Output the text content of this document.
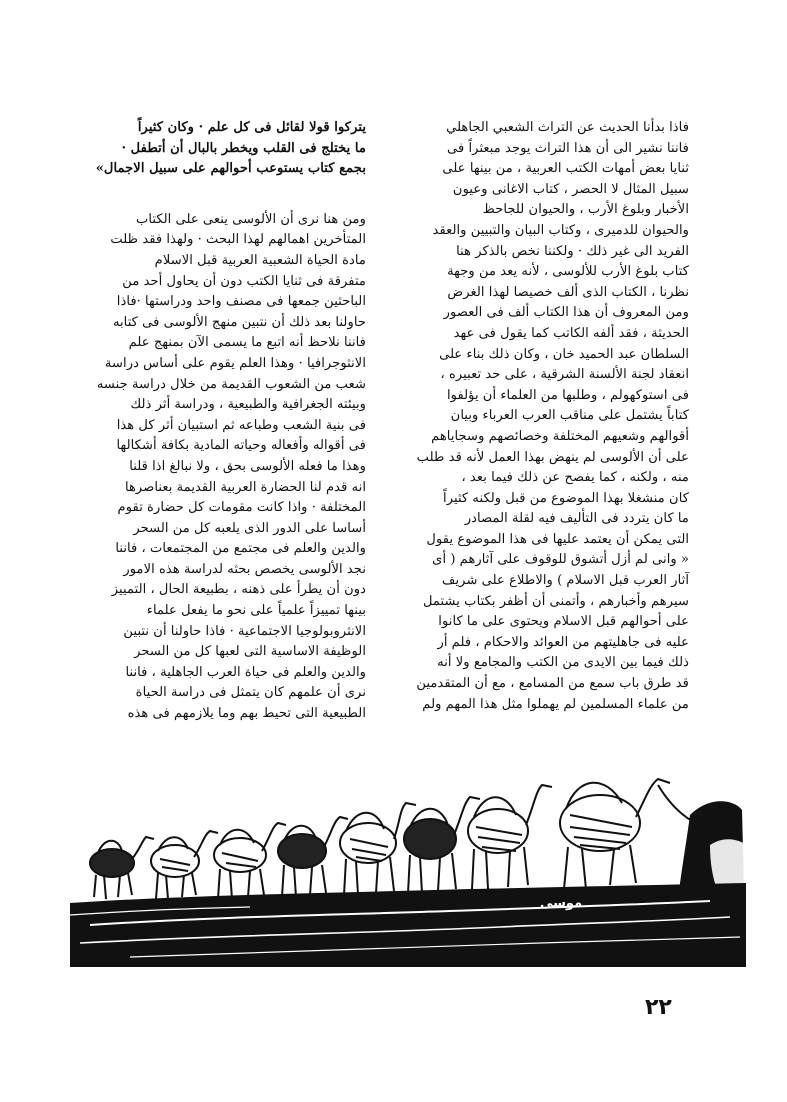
فاذا بدأنا الحديث عن التراث الشعبي الجاهلي

فاننا نشير الى أن هذا التراث يوجد مبعثراً فى

ثنايا بعض أمهات الكتب العربية ، من بينها على

سبيل المثال لا الحصر ، كتاب الاغانى وعيون

الأخبار وبلوغ الأرب ، والحيوان للجاحظ

والحيوان للدميرى ، وكتاب البيان والتبيين والعقد

الفريد الى غير ذلك · ولكننا نخص بالذكر هنا

كتاب بلوغ الأرب للألوسى ، لأنه يعد من وجهة

نظرنا ، الكتاب الذى ألف خصيصا لهذا الغرض

ومن المعروف أن هذا الكتاب ألف فى العصور

الحديثة ، فقد ألفه الكاتب كما يقول فى عهد

السلطان عبد الحميد خان ، وكان ذلك بناء على

انعقاد لجنة الألسنة الشرقية ، على حد تعبيره ،

فى استوكهولم ، وطلبها من العلماء أن يؤلفوا

كتاباً يشتمل على مناقب العرب العرباء وبيان

أقوالهم وشعيهم المختلفة وخصائصهم وسجاياهم

على أن الألوسى لم ينهض بهذا العمل لأنه قد طلب

منه ، ولكنه ، كما يفصح عن ذلك فيما بعد ،

كان منشغلا بهذا الموضوع من قبل ولكنه كثيراً

ما كان يتردد فى التأليف فيه لقلة المصادر

التى يمكن أن يعتمد عليها فى هذا الموضوع يقول

« وانى لم أزل أتشوق للوقوف على آثارهم ( أى

آثار العرب قبل الاسلام ) والاطلاع على شريف

سيرهم وأخبارهم ، وأتمنى أن أظفر بكتاب يشتمل

على أحوالهم قبل الاسلام ويحتوى على ما كانوا

عليه فى جاهليتهم من العوائد والاحكام ، فلم أر

ذلك فيما بين الايدى من الكتب والمجامع ولا أنه

قد طرق باب سمع من المسامع ، مع أن المتقدمين

من علماء المسلمين لم يهملوا مثل هذا المهم ولم

يتركوا قولا لقائل فى كل علم · وكان كثيراً

ما يختلج فى القلب ويخطر بالبال أن أتطفل ·

بجمع كتاب يستوعب أحوالهم على سبيل الاجمال»

ومن هنا نرى أن الألوسى ينعى على الكتاب

المتأخرين اهمالهم لهذا البحث · ولهذا فقد ظلت

مادة الحياة الشعبية العربية قبل الاسلام

متفرقة فى ثنايا الكتب دون أن يحاول أحد من

الباحثين جمعها فى مصنف واحد ودراستها ·فاذا

حاولنا بعد ذلك أن نتبين منهج الألوسى فى كتابه

فاننا نلاحظ أنه اتبع ما يسمى الآن بمنهج علم

الانثوجرافيا · وهذا العلم يقوم على أساس دراسة

شعب من الشعوب القديمة من خلال دراسة جنسه

وبيئته الجغرافية والطبيعية ، ودراسة أثر ذلك

فى بنية الشعب وطباعه ثم استبيان أثر كل هذا

فى أقواله وأفعاله وحياته المادية بكافة أشكالها

وهذا ما فعله الألوسى بحق ، ولا نبالغ اذا قلنا

انه قدم لنا الحضارة العربية القديمة بعناصرها

المختلفة · واذا كانت مقومات كل حضارة تقوم

أساسا على الدور الذى يلعبه كل من السحر

والدين والعلم فى مجتمع من المجتمعات ، فاننا

نجد الألوسى يخصص بحثه لدراسة هذه الامور

دون أن يطرأ على ذهنه ، بطبيعة الحال ، التمييز

بينها تمييزاً علمياً على نحو ما يفعل علماء

الانثروبولوجيا الاجتماعية · فاذا حاولنا أن نتبين

الوظيفة الاساسية التى لعبها كل من السحر

والدين والعلم فى حياة العرب الجاهلية ، فاننا

نرى أن علمهم كان يتمثل فى دراسة الحياة

الطبيعية التى تحيط بهم وما يلازمهم فى هذه

موسى
٢٢
